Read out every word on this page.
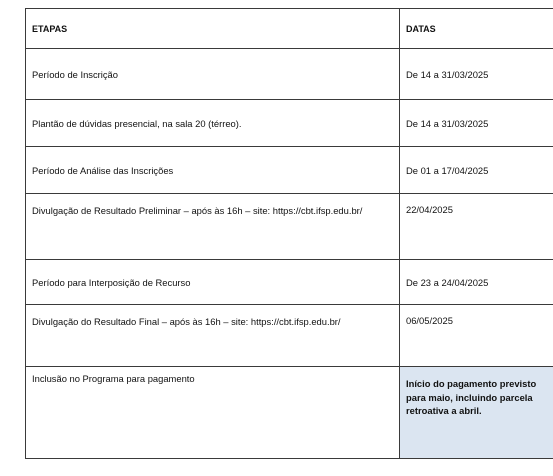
ETAPAS	DATAS
Período de Inscrição	De 14 a 31/03/2025
Plantão de dúvidas presencial, na sala 20 (térreo).	De 14 a 31/03/2025
Período de Análise das Inscrições	De 01 a 17/04/2025
Divulgação de Resultado Preliminar – após às 16h – site: https://cbt.ifsp.edu.br/	22/04/2025
Período para Interposição de Recurso	De 23 a 24/04/2025
Divulgação do Resultado Final – após às 16h – site: https://cbt.ifsp.edu.br/	06/05/2025
Inclusão no Programa para pagamento	Início do pagamento previsto para maio, incluindo parcela retroativa a abril.
